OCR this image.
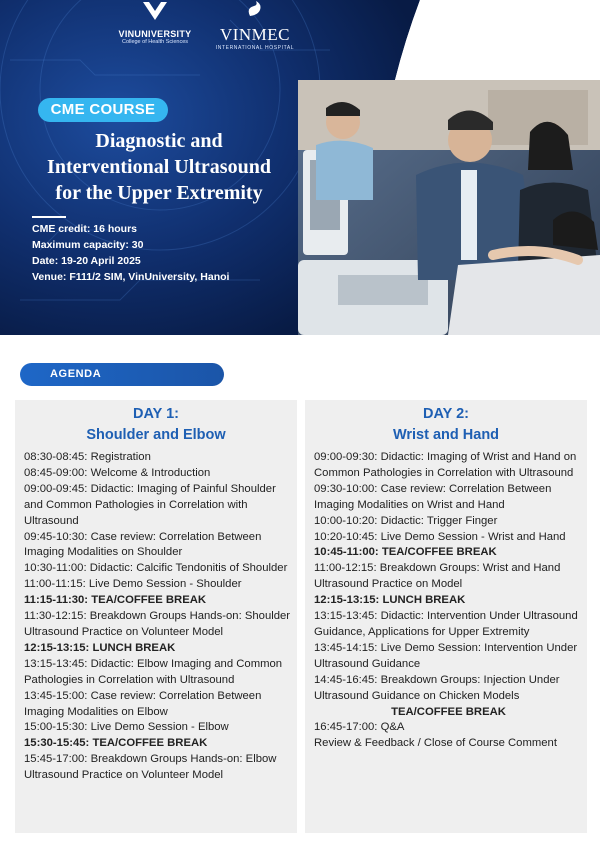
VINUNIVERSITY
College of Health Sciences	VINMEC
INTERNATIONAL HOSPITAL
CME COURSE
Diagnostic and
Interventional Ultrasound
for the Upper Extremity
CME credit: 16 hours
Maximum capacity: 30
Date: 19-20 April 2025
Venue: F111/2 SIM, VinUniversity, Hanoi
AGENDA
DAY 1:
Shoulder and Elbow
08:30-08:45: Registration
08:45-09:00: Welcome & Introduction
09:00-09:45: Didactic: Imaging of Painful Shoulder and Common Pathologies in Correlation with Ultrasound
09:45-10:30: Case review: Correlation Between Imaging Modalities on Shoulder
10:30-11:00: Didactic: Calcific Tendonitis of Shoulder
11:00-11:15: Live Demo Session - Shoulder
11:15-11:30: TEA/COFFEE BREAK
11:30-12:15: Breakdown Groups Hands-on: Shoulder Ultrasound Practice on Volunteer Model
12:15-13:15: LUNCH BREAK
13:15-13:45: Didactic: Elbow Imaging and Common Pathologies in Correlation with Ultrasound
13:45-15:00: Case review: Correlation Between Imaging Modalities on Elbow
15:00-15:30: Live Demo Session - Elbow
15:30-15:45: TEA/COFFEE BREAK
15:45-17:00: Breakdown Groups Hands-on: Elbow Ultrasound Practice on Volunteer Model
DAY 2:
Wrist and Hand
09:00-09:30: Didactic: Imaging of Wrist and Hand on Common Pathologies in Correlation with Ultrasound
09:30-10:00: Case review: Correlation Between Imaging Modalities on Wrist and Hand
10:00-10:20: Didactic: Trigger Finger
10:20-10:45: Live Demo Session - Wrist and Hand
10:45-11:00: TEA/COFFEE BREAK
11:00-12:15: Breakdown Groups: Wrist and Hand Ultrasound Practice on Model
12:15-13:15: LUNCH BREAK
13:15-13:45: Didactic: Intervention Under Ultrasound Guidance, Applications for Upper Extremity
13:45-14:15: Live Demo Session: Intervention Under Ultrasound Guidance
14:45-16:45: Breakdown Groups: Injection Under Ultrasound Guidance on Chicken Models
TEA/COFFEE BREAK
16:45-17:00: Q&A
Review & Feedback / Close of Course Comment
